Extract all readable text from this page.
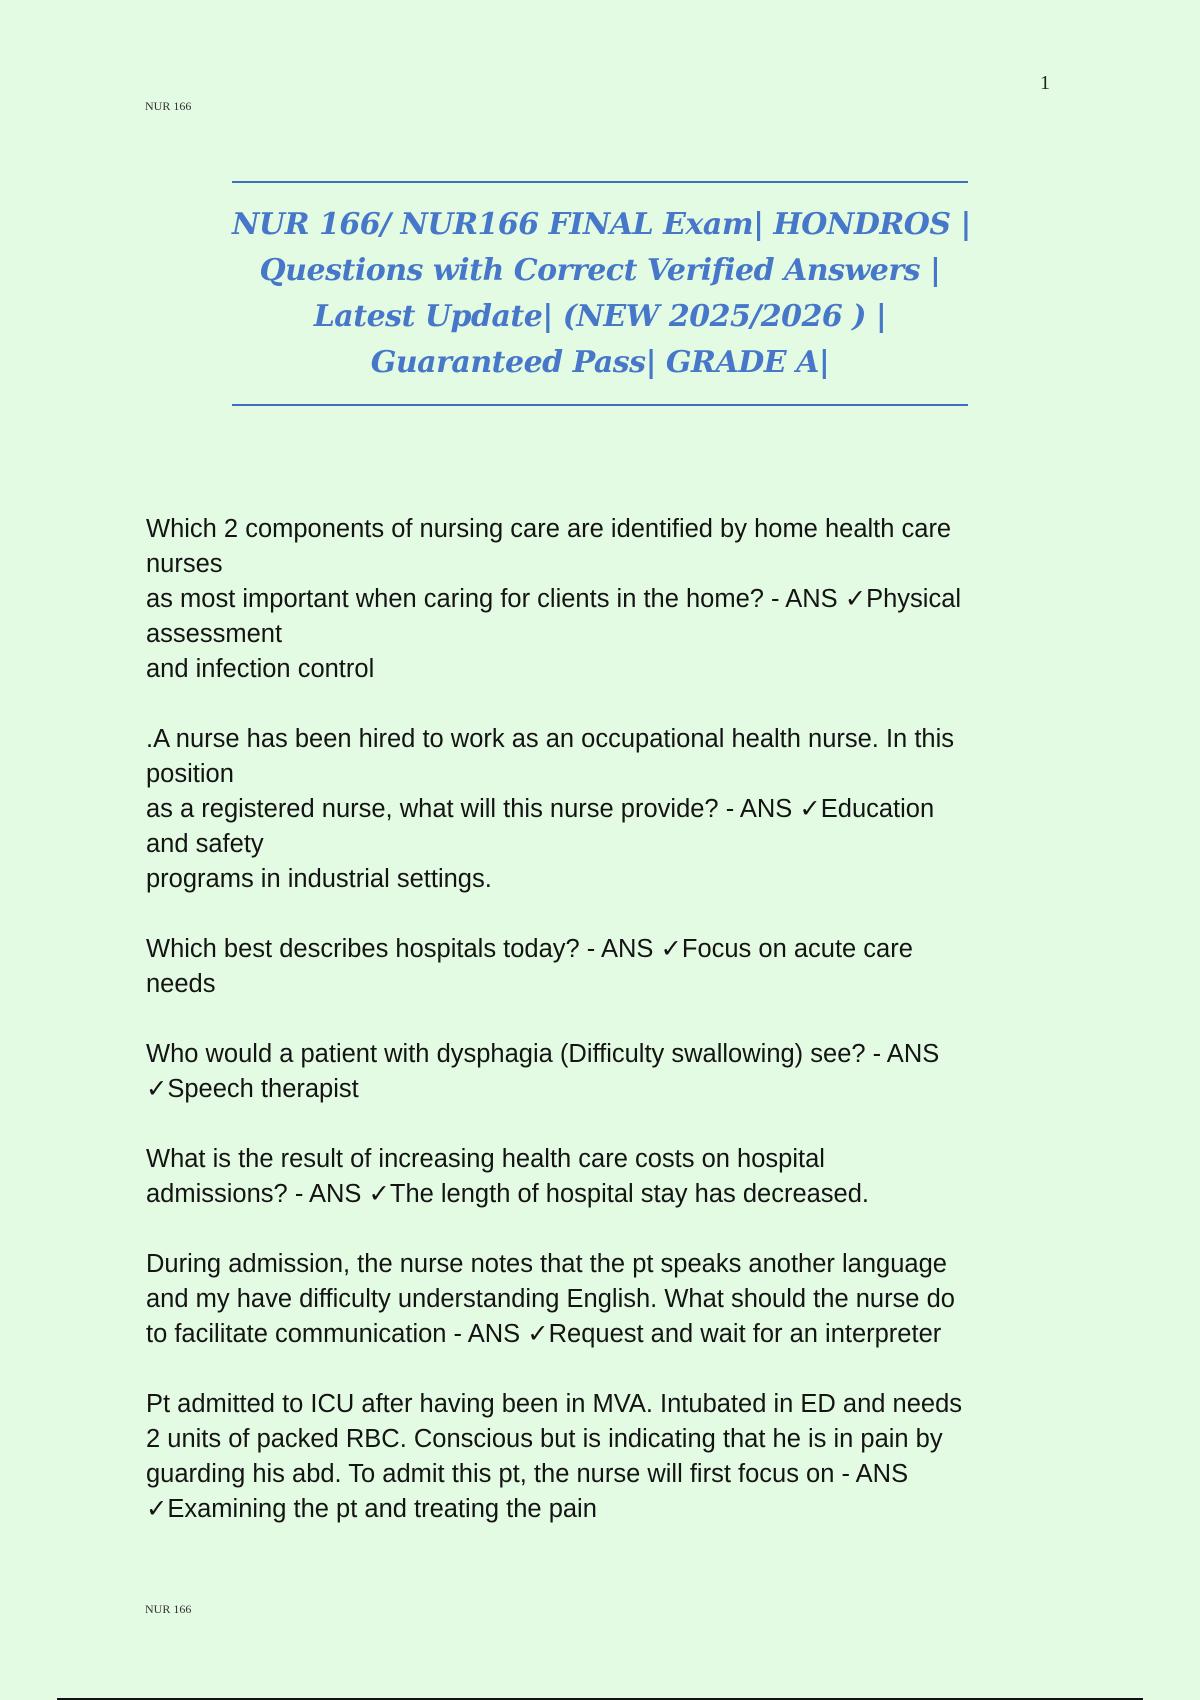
1
NUR 166
NUR 166/ NUR166 FINAL Exam| HONDROS |
Questions with Correct Verified Answers |
Latest Update| (NEW 2025/2026 ) |
Guaranteed Pass| GRADE A|
Which 2 components of nursing care are identified by home health care
nurses
as most important when caring for clients in the home? - ANS ✓Physical
assessment
and infection control
.A nurse has been hired to work as an occupational health nurse. In this
position
as a registered nurse, what will this nurse provide? - ANS ✓Education
and safety
programs in industrial settings.
Which best describes hospitals today? - ANS ✓Focus on acute care
needs
Who would a patient with dysphagia (Difficulty swallowing) see? - ANS
✓Speech therapist
What is the result of increasing health care costs on hospital
admissions? - ANS ✓The length of hospital stay has decreased.
During admission, the nurse notes that the pt speaks another language
and my have difficulty understanding English. What should the nurse do
to facilitate communication - ANS ✓Request and wait for an interpreter
Pt admitted to ICU after having been in MVA. Intubated in ED and needs
2 units of packed RBC. Conscious but is indicating that he is in pain by
guarding his abd. To admit this pt, the nurse will first focus on - ANS
✓Examining the pt and treating the pain
NUR 166
